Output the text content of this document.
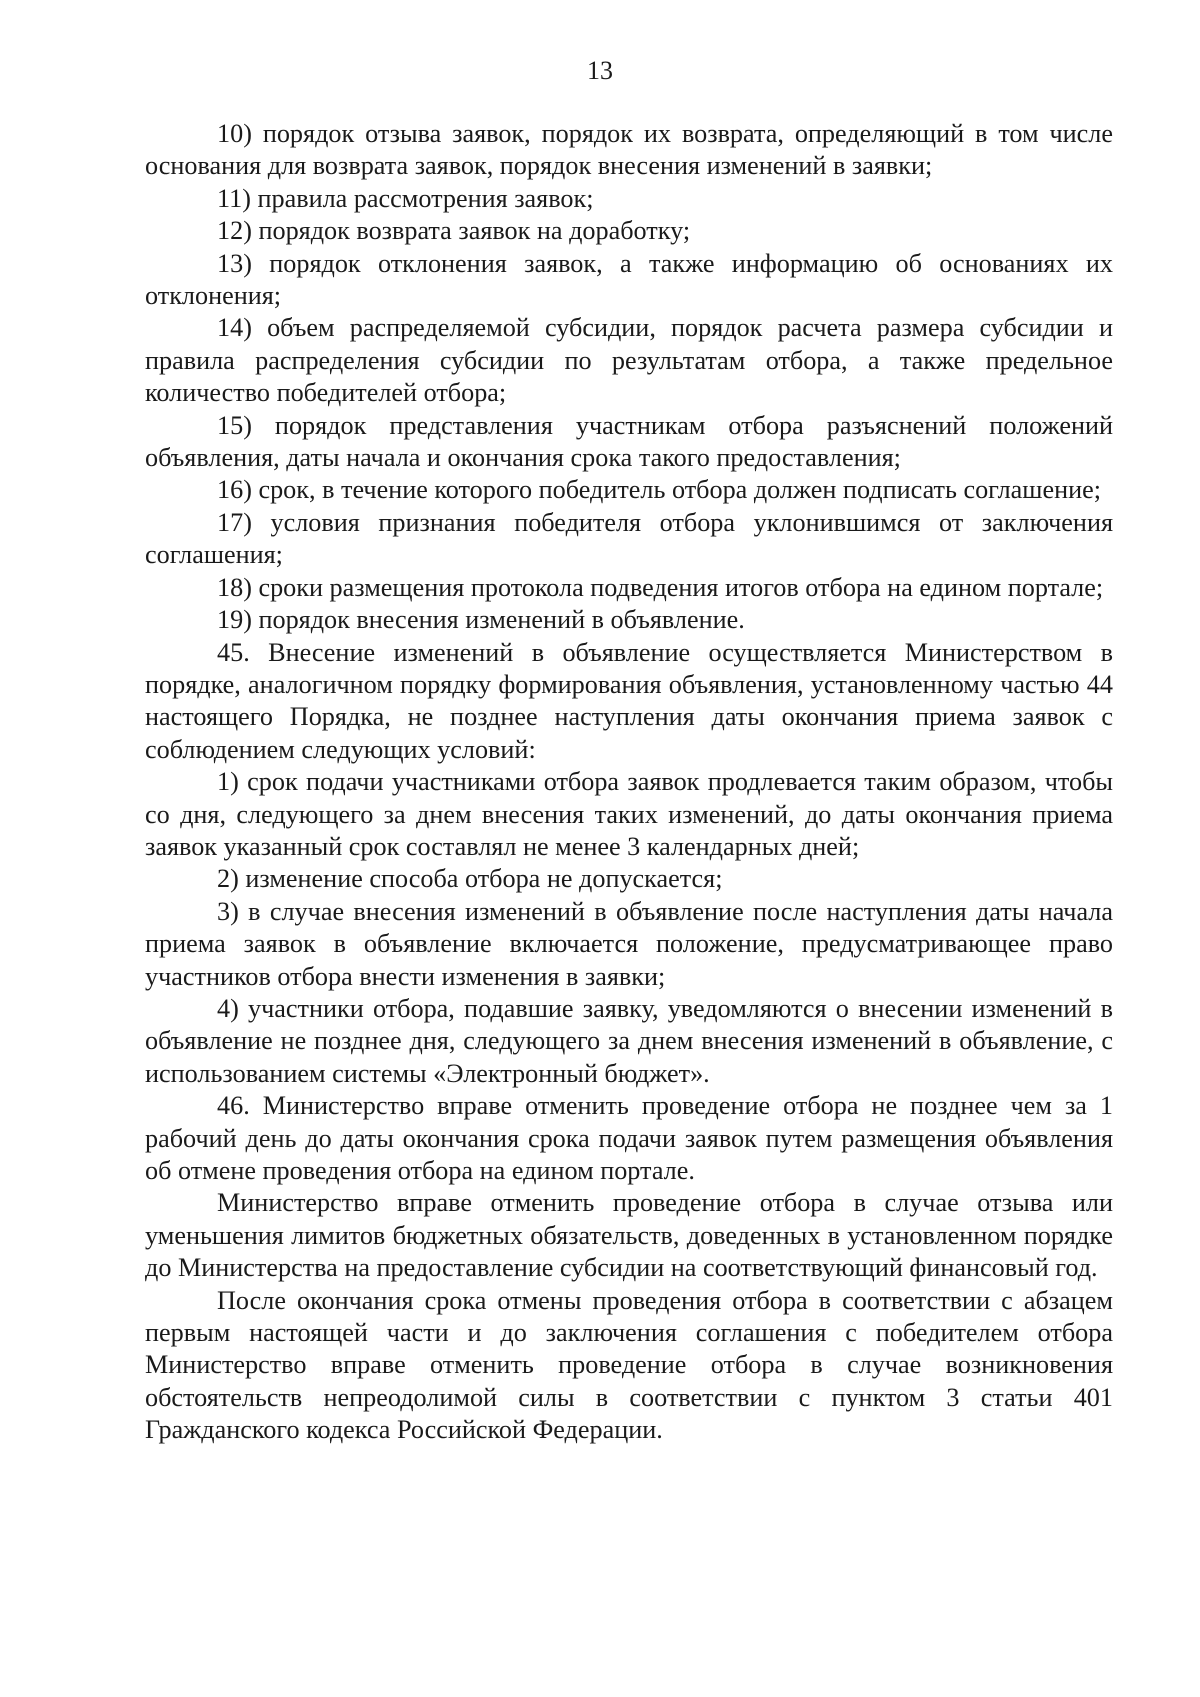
13

10) порядок отзыва заявок, порядок их возврата, определяющий в том числе основания для возврата заявок, порядок внесения изменений в заявки;

11) правила рассмотрения заявок;

12) порядок возврата заявок на доработку;

13) порядок отклонения заявок, а также информацию об основаниях их отклонения;

14) объем распределяемой субсидии, порядок расчета размера субсидии и правила распределения субсидии по результатам отбора, а также предельное количество победителей отбора;

15) порядок представления участникам отбора разъяснений положений объявления, даты начала и окончания срока такого предоставления;

16) срок, в течение которого победитель отбора должен подписать соглашение;

17) условия признания победителя отбора уклонившимся от заключения соглашения;

18) сроки размещения протокола подведения итогов отбора на едином портале;

19) порядок внесения изменений в объявление.

45. Внесение изменений в объявление осуществляется Министерством в порядке, аналогичном порядку формирования объявления, установленному частью 44 настоящего Порядка, не позднее наступления даты окончания приема заявок с соблюдением следующих условий:

1) срок подачи участниками отбора заявок продлевается таким образом, чтобы со дня, следующего за днем внесения таких изменений, до даты окончания приема заявок указанный срок составлял не менее 3 календарных дней;

2) изменение способа отбора не допускается;

3) в случае внесения изменений в объявление после наступления даты начала приема заявок в объявление включается положение, предусматривающее право участников отбора внести изменения в заявки;

4) участники отбора, подавшие заявку, уведомляются о внесении изменений в объявление не позднее дня, следующего за днем внесения изменений в объявление, с использованием системы «Электронный бюджет».

46. Министерство вправе отменить проведение отбора не позднее чем за 1 рабочий день до даты окончания срока подачи заявок путем размещения объявления об отмене проведения отбора на едином портале.

Министерство вправе отменить проведение отбора в случае отзыва или уменьшения лимитов бюджетных обязательств, доведенных в установленном порядке до Министерства на предоставление субсидии на соответствующий финансовый год.

После окончания срока отмены проведения отбора в соответствии с абзацем первым настоящей части и до заключения соглашения с победителем отбора Министерство вправе отменить проведение отбора в случае возникновения обстоятельств непреодолимой силы в соответствии с пунктом 3 статьи 401 Гражданского кодекса Российской Федерации.
